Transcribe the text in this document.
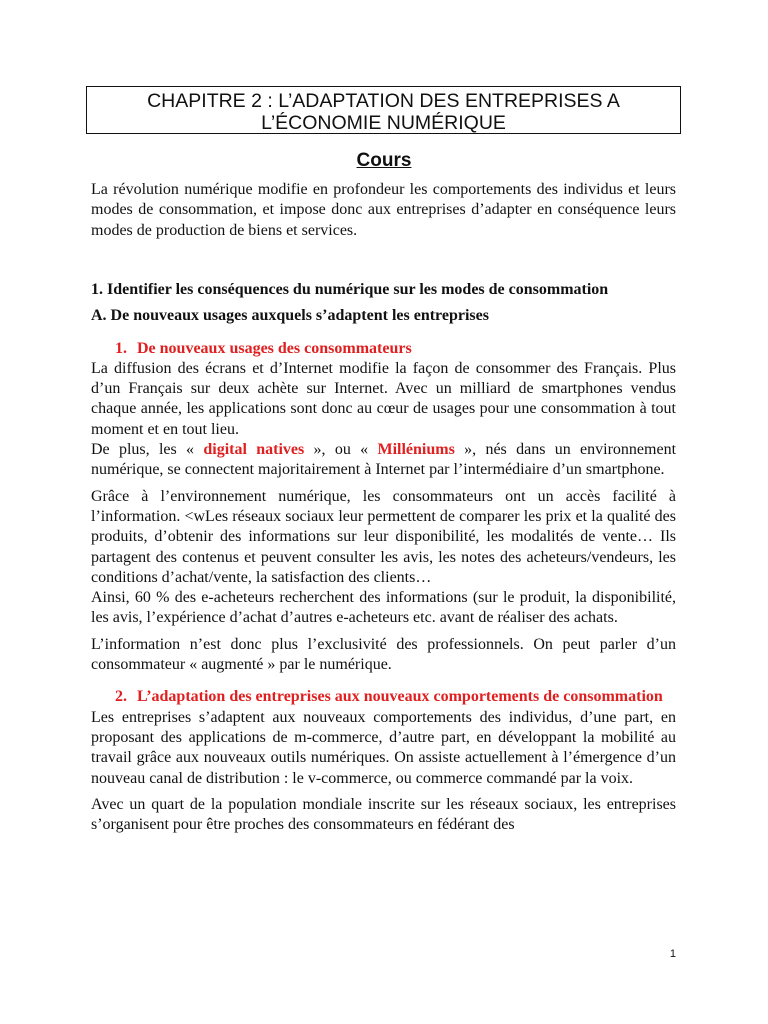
CHAPITRE 2 : L’ADAPTATION DES ENTREPRISES A
L’ÉCONOMIE NUMÉRIQUE
Cours

La révolution numérique modifie en profondeur les comportements des individus et leurs modes de consommation, et impose donc aux entreprises d’adapter en conséquence leurs modes de production de biens et services.

1. Identifier les conséquences du numérique sur les modes de consommation

A. De nouveaux usages auxquels s’adaptent les entreprises

1. De nouveaux usages des consommateurs

La diffusion des écrans et d’Internet modifie la façon de consommer des Français. Plus d’un Français sur deux achète sur Internet. Avec un milliard de smartphones vendus chaque année, les applications sont donc au cœur de usages pour une consommation à tout moment et en tout lieu.

De plus, les « digital natives », ou « Milléniums », nés dans un environnement numérique, se connectent majoritairement à Internet par l’intermédiaire d’un smartphone.

Grâce à l’environnement numérique, les consommateurs ont un accès facilité à l’information. <wLes réseaux sociaux leur permettent de comparer les prix et la qualité des produits, d’obtenir des informations sur leur disponibilité, les modalités de vente… Ils partagent des contenus et peuvent consulter les avis, les notes des acheteurs/vendeurs, les conditions d’achat/vente, la satisfaction des clients…

Ainsi, 60 % des e-acheteurs recherchent des informations (sur le produit, la disponibilité, les avis, l’expérience d’achat d’autres e-acheteurs etc. avant de réaliser des achats.

L’information n’est donc plus l’exclusivité des professionnels. On peut parler d’un consommateur « augmenté » par le numérique.

2. L’adaptation des entreprises aux nouveaux comportements de consommation

Les entreprises s’adaptent aux nouveaux comportements des individus, d’une part, en proposant des applications de m-commerce, d’autre part, en développant la mobilité au travail grâce aux nouveaux outils numériques. On assiste actuellement à l’émergence d’un nouveau canal de distribution : le v-commerce, ou commerce commandé par la voix.

Avec un quart de la population mondiale inscrite sur les réseaux sociaux, les entreprises s’organisent pour être proches des consommateurs en fédérant des

1
